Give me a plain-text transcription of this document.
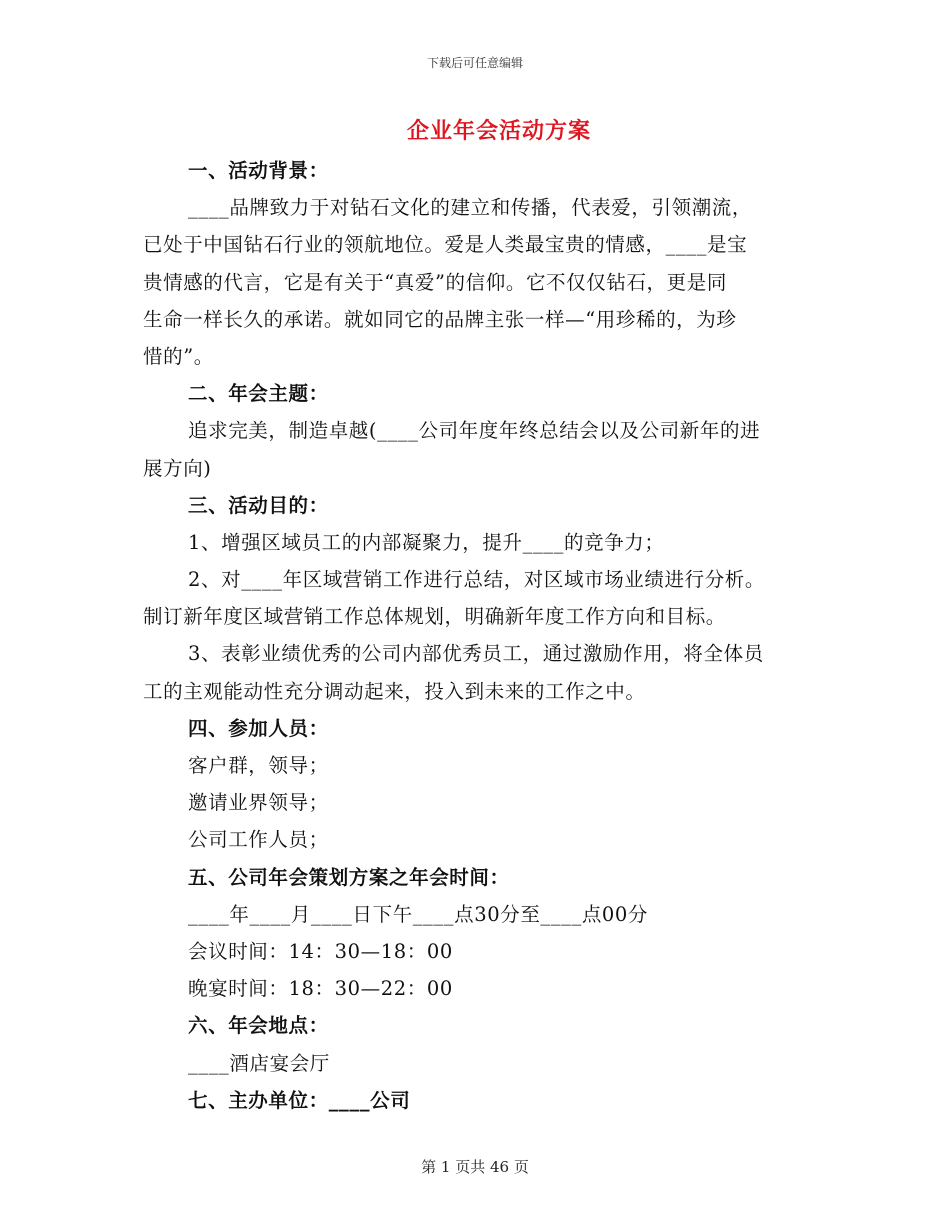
下载后可任意编辑
企业年会活动方案
一、活动背景：
____品牌致力于对钻石文化的建立和传播，代表爱，引领潮流，
已处于中国钻石行业的领航地位。爱是人类最宝贵的情感，____是宝
贵情感的代言，它是有关于“真爱”的信仰。它不仅仅钻石，更是同
生命一样长久的承诺。就如同它的品牌主张一样—“用珍稀的，为珍
惜的”。
二、年会主题：
追求完美，制造卓越(____公司年度年终总结会以及公司新年的进
展方向)
三、活动目的：
1、增强区域员工的内部凝聚力，提升____的竞争力；
2、对____年区域营销工作进行总结，对区域市场业绩进行分析。
制订新年度区域营销工作总体规划，明确新年度工作方向和目标。
3、表彰业绩优秀的公司内部优秀员工，通过激励作用，将全体员
工的主观能动性充分调动起来，投入到未来的工作之中。
四、参加人员：
客户群，领导；
邀请业界领导；
公司工作人员；
五、公司年会策划方案之年会时间：
____年____月____日下午____点30分至____点00分
会议时间：14：30—18：00
晚宴时间：18：30—22：00
六、年会地点：
____酒店宴会厅
七、主办单位：____公司
第 1 页共 46 页
